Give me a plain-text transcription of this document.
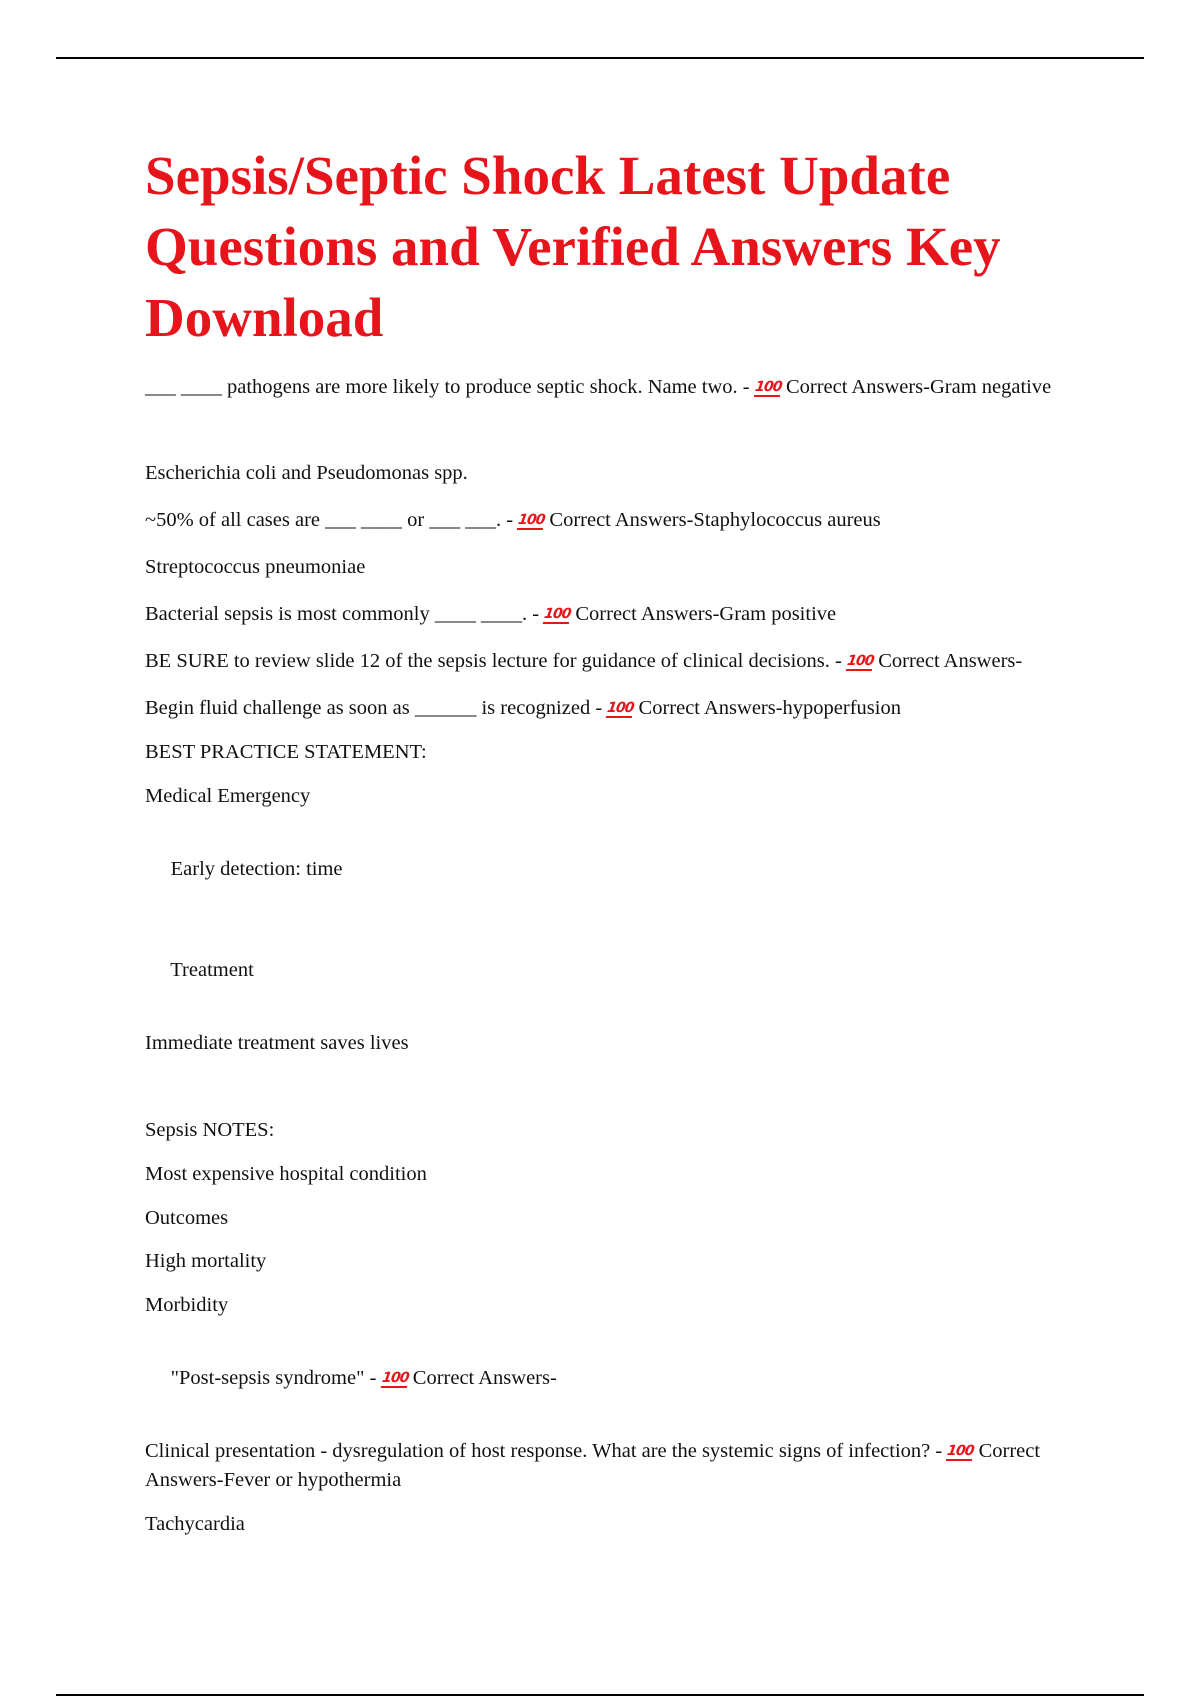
Sepsis/Septic Shock Latest Update Questions and Verified Answers Key Download

___ ____ pathogens are more likely to produce septic shock. Name two. - 100 Correct Answers-Gram negative

Escherichia coli and Pseudomonas spp.

~50% of all cases are ___ ____ or ___ ___. - 100 Correct Answers-Staphylococcus aureus

Streptococcus pneumoniae

Bacterial sepsis is most commonly ____ ____. - 100 Correct Answers-Gram positive

BE SURE to review slide 12 of the sepsis lecture for guidance of clinical decisions. - 100 Correct Answers-

Begin fluid challenge as soon as ______ is recognized - 100 Correct Answers-hypoperfusion

BEST PRACTICE STATEMENT:

Medical Emergency

Early detection: time

Treatment

Immediate treatment saves lives

Sepsis NOTES:

Most expensive hospital condition

Outcomes

High mortality

Morbidity

"Post-sepsis syndrome" - 100 Correct Answers-

Clinical presentation - dysregulation of host response. What are the systemic signs of infection? - 100 Correct Answers-Fever or hypothermia

Tachycardia
